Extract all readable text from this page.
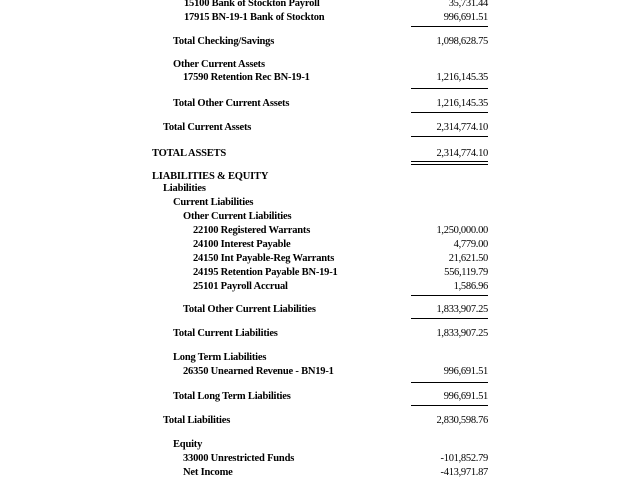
15100 Bank of Stockton Payroll	35,731.44
17915 BN-19-1 Bank of Stockton	996,691.51
Total Checking/Savings	1,098,628.75
Other Current Assets
17590 Retention Rec BN-19-1	1,216,145.35
Total Other Current Assets	1,216,145.35
Total Current Assets	2,314,774.10
TOTAL ASSETS	2,314,774.10
LIABILITIES & EQUITY
Liabilities
Current Liabilities
Other Current Liabilities
22100 Registered Warrants	1,250,000.00
24100 Interest Payable	4,779.00
24150 Int Payable-Reg Warrants	21,621.50
24195 Retention Payable BN-19-1	556,119.79
25101 Payroll Accrual	1,586.96
Total Other Current Liabilities	1,833,907.25
Total Current Liabilities	1,833,907.25
Long Term Liabilities
26350 Unearned Revenue - BN19-1	996,691.51
Total Long Term Liabilities	996,691.51
Total Liabilities	2,830,598.76
Equity
33000 Unrestricted Funds	-101,852.79
Net Income	-413,971.87
